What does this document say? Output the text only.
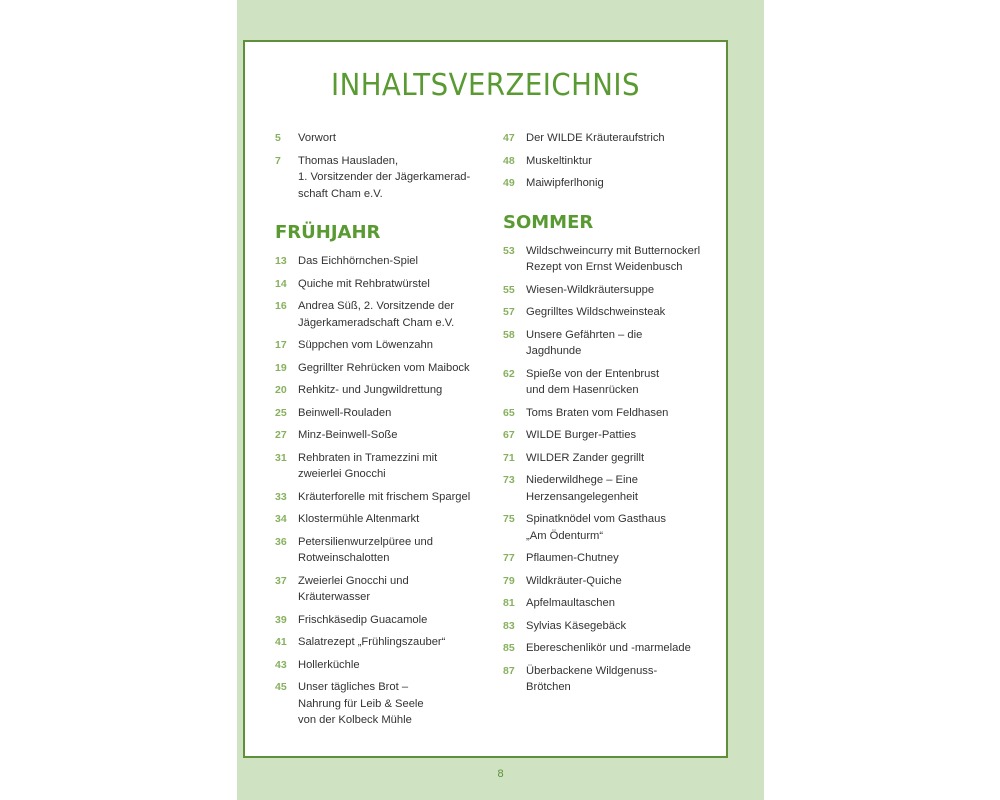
INHALTSVERZEICHNIS
5	Vorwort
7	Thomas Hausladen,
1. Vorsitzender der Jägerkamerad-
schaft Cham e.V.
FRÜHJAHR
13	Das Eichhörnchen-Spiel
14	Quiche mit Rehbratwürstel
16	Andrea Süß, 2. Vorsitzende der
Jägerkameradschaft Cham e.V.
17	Süppchen vom Löwenzahn
19	Gegrillter Rehrücken vom Maibock
20	Rehkitz- und Jungwildrettung
25	Beinwell-Rouladen
27	Minz-Beinwell-Soße
31	Rehbraten in Tramezzini mit
zweierlei Gnocchi
33	Kräuterforelle mit frischem Spargel
34	Klostermühle Altenmarkt
36	Petersilienwurzelpüree und
Rotweinschalotten
37	Zweierlei Gnocchi und
Kräuterwasser
39	Frischkäsedip Guacamole
41	Salatrezept „Frühlingszauber“
43	Hollerküchle
45	Unser tägliches Brot –
Nahrung für Leib & Seele
von der Kolbeck Mühle
47	Der WILDE Kräuteraufstrich
48	Muskeltinktur
49	Maiwipferlhonig
SOMMER
53	Wildschweincurry mit Butternockerl
Rezept von Ernst Weidenbusch
55	Wiesen-Wildkräutersuppe
57	Gegrilltes Wildschweinsteak
58	Unsere Gefährten – die
Jagdhunde
62	Spieße von der Entenbrust
und dem Hasenrücken
65	Toms Braten vom Feldhasen
67	WILDE Burger-Patties
71	WILDER Zander gegrillt
73	Niederwildhege – Eine
Herzensangelegenheit
75	Spinatknödel vom Gasthaus
„Am Ödenturm“
77	Pflaumen-Chutney
79	Wildkräuter-Quiche
81	Apfelmaultaschen
83	Sylvias Käsegebäck
85	Ebereschenlikör und -marmelade
87	Überbackene Wildgenuss-
Brötchen
8
